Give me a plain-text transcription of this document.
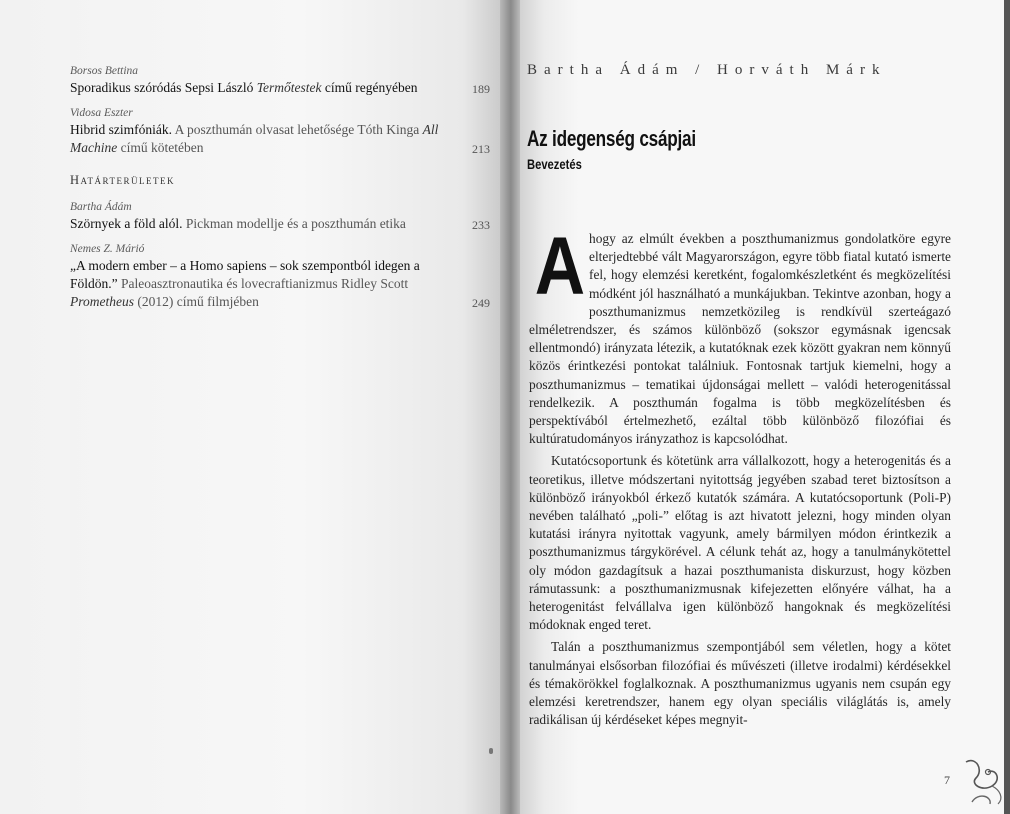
Borsos Bettina
Sporadikus szóródás Sepsi László Termőtestek című regényében	189
Vidosa Eszter
Hibrid szimfóniák. A poszthumán olvasat lehetősége Tóth Kinga All Machine című kötetében	213
Határterületek
Bartha Ádám
Szörnyek a föld alól. Pickman modellje és a poszthumán etika	233
Nemes Z. Márió
„A modern ember – a Homo sapiens – sok szempontból idegen a Földön.” Paleoasztronautika és lovecraftianizmus Ridley Scott Prometheus (2012) című filmjében	249
Bartha Ádám / Horváth Márk
Az idegenség csápjai
Bevezetés
A hogy az elmúlt években a poszthumanizmus gondolatköre egyre elterjedtebbé vált Magyarországon, egyre több fiatal kutató ismerte fel, hogy elemzési keretként, fogalomkészletként és megközelítési módként jól használható a munkájukban. Tekintve azonban, hogy a poszthumanizmus nemzetközileg is rendkívül szerteágazó elméletrendszer, és számos különböző (sokszor egymásnak igencsak ellentmondó) irányzata létezik, a kutatóknak ezek között gyakran nem könnyű közös érintkezési pontokat találniuk. Fontosnak tartjuk kiemelni, hogy a poszthumanizmus – tematikai újdonságai mellett – valódi heterogenitással rendelkezik. A poszthumán fogalma is több megközelítésben és perspektívából értelmezhető, ezáltal több különböző filozófiai és kultúratudományos irányzathoz is kapcsolódhat.

Kutatócsoportunk és kötetünk arra vállalkozott, hogy a heterogenitás és a teoretikus, illetve módszertani nyitottság jegyében szabad teret biztosítson a különböző irányokból érkező kutatók számára. A kutatócsoportunk (Poli-P) nevében található „poli-” előtag is azt hivatott jelezni, hogy minden olyan kutatási irányra nyitottak vagyunk, amely bármilyen módon érintkezik a poszthumanizmus tárgykörével. A célunk tehát az, hogy a tanulmánykötettel oly módon gazdagítsuk a hazai poszthumanista diskurzust, hogy közben rámutassunk: a poszthumanizmusnak kifejezetten előnyére válhat, ha a heterogenitást felvállalva igen különböző hangoknak és megközelítési módoknak enged teret.

Talán a poszthumanizmus szempontjából sem véletlen, hogy a kötet tanulmányai elsősorban filozófiai és művészeti (illetve irodalmi) kérdésekkel és témakörökkel foglalkoznak. A poszthumanizmus ugyanis nem csupán egy elemzési keretrendszer, hanem egy olyan speciális világlátás is, amely radikálisan új kérdéseket képes megnyit-

7
